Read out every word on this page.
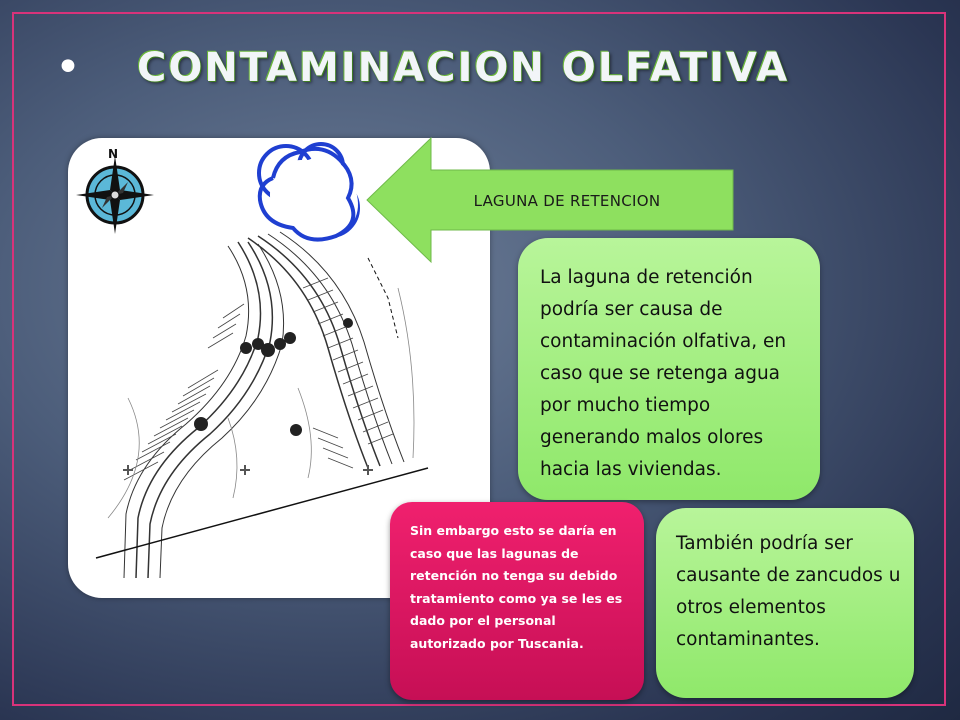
• CONTAMINACION OLFATIVA
N
LAGUNA DE RETENCION
La laguna de retención podría ser causa de contaminación olfativa, en caso que se retenga agua por mucho tiempo generando malos olores hacia las viviendas.
Sin embargo esto se daría en caso que las lagunas de retención no tenga su debido tratamiento como ya se les es dado por el personal autorizado por Tuscania.
También podría ser causante de zancudos u otros elementos contaminantes.
